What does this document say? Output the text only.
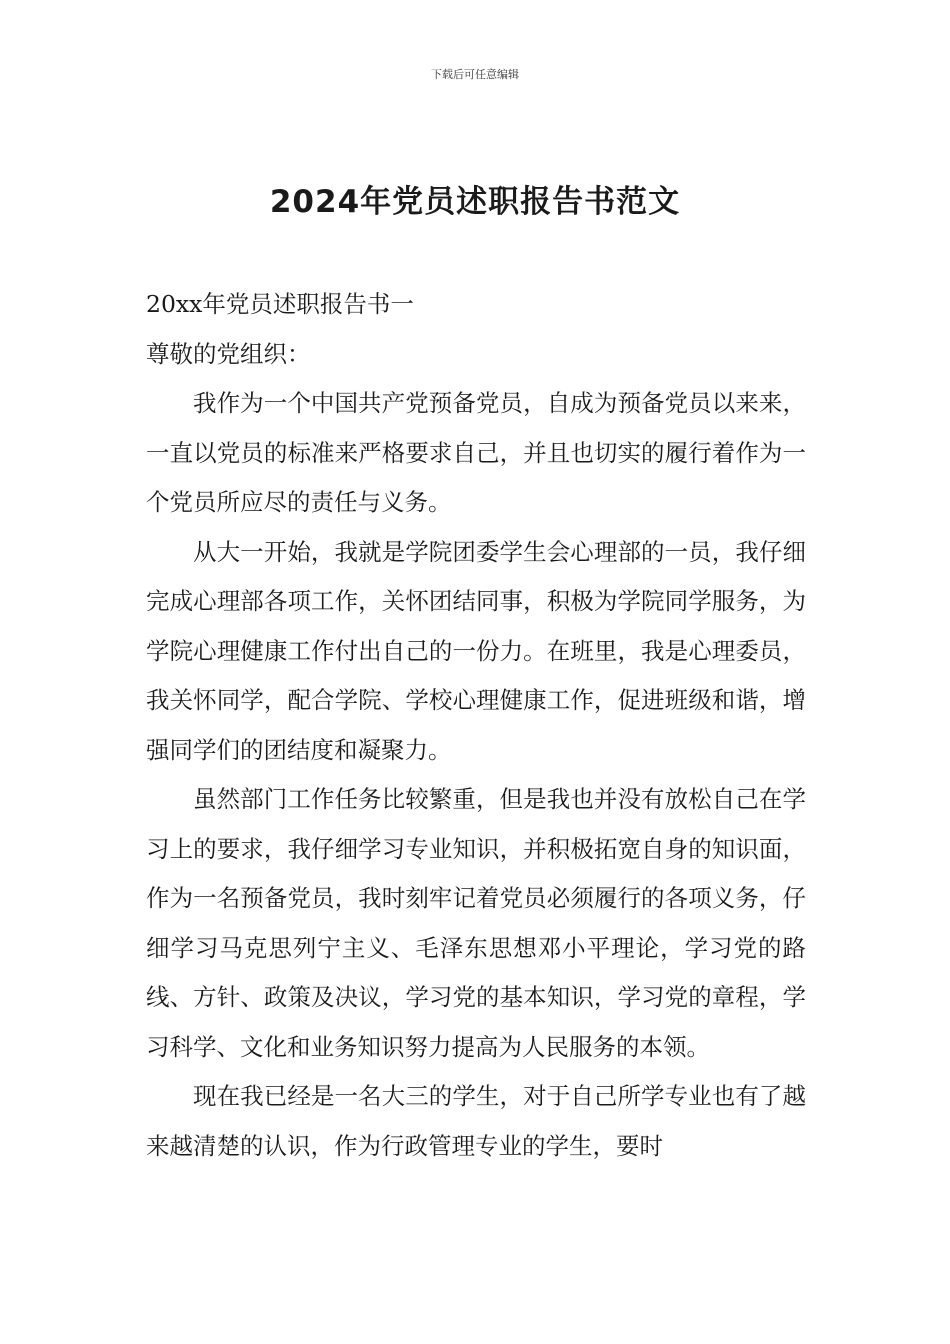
下载后可任意编辑
2024年党员述职报告书范文

20xx年党员述职报告书一

尊敬的党组织：

我作为一个中国共产党预备党员，自成为预备党员以来来，一直以党员的标准来严格要求自己，并且也切实的履行着作为一个党员所应尽的责任与义务。

从大一开始，我就是学院团委学生会心理部的一员，我仔细完成心理部各项工作，关怀团结同事，积极为学院同学服务，为学院心理健康工作付出自己的一份力。在班里，我是心理委员，我关怀同学，配合学院、学校心理健康工作，促进班级和谐，增强同学们的团结度和凝聚力。

虽然部门工作任务比较繁重，但是我也并没有放松自己在学习上的要求，我仔细学习专业知识，并积极拓宽自身的知识面，作为一名预备党员，我时刻牢记着党员必须履行的各项义务，仔细学习马克思列宁主义、毛泽东思想邓小平理论，学习党的路线、方针、政策及决议，学习党的基本知识，学习党的章程，学习科学、文化和业务知识努力提高为人民服务的本领。

现在我已经是一名大三的学生，对于自己所学专业也有了越来越清楚的认识，作为行政管理专业的学生，要时
